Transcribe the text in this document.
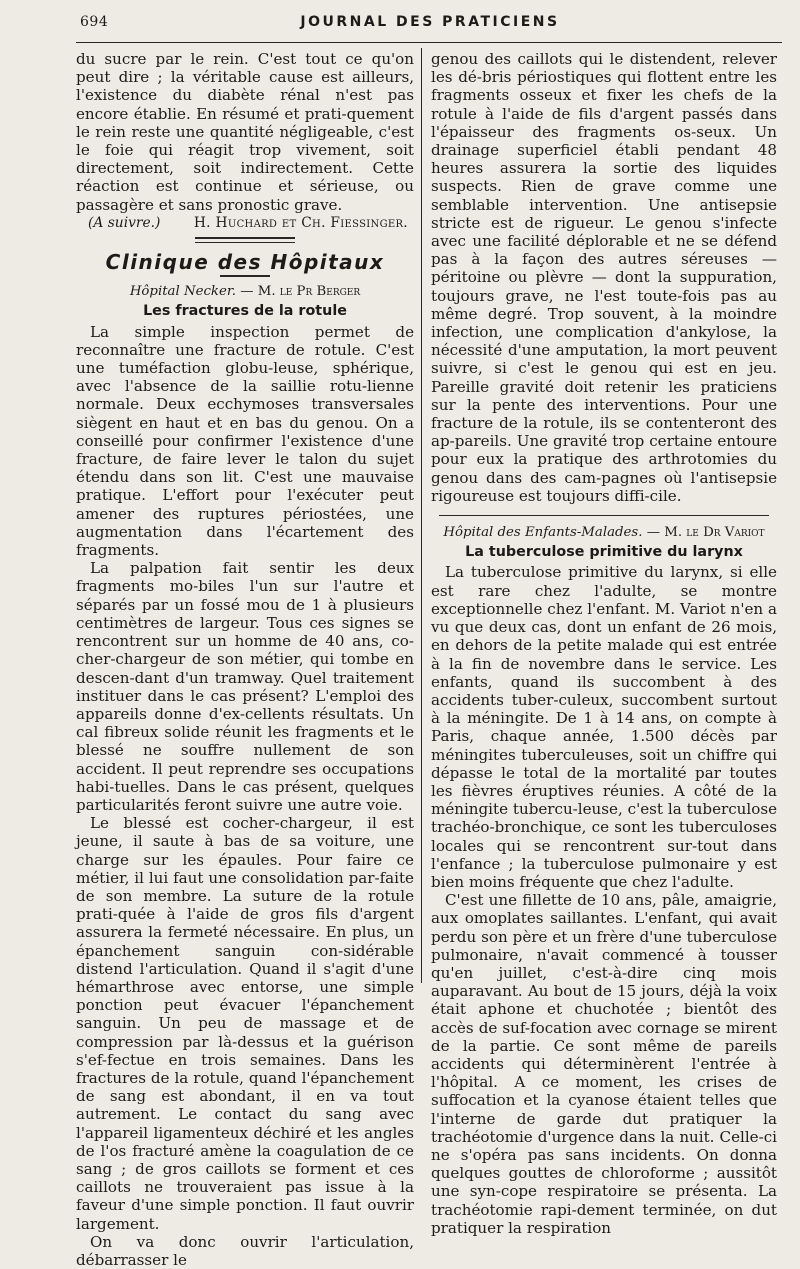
694	JOURNAL DES PRATICIENS

du sucre par le rein. C'est tout ce qu'on peut dire ; la véritable cause est ailleurs, l'existence du diabète rénal n'est pas encore établie. En résumé et prati-quement le rein reste une quantité négligeable, c'est le foie qui réagit trop vivement, soit directement, soit indirectement. Cette réaction est continue et sérieuse, ou passagère et sans pronostic grave.

(A suivre.) H. Huchard et Ch. Fiessinger.
Clinique des Hôpitaux

Hôpital Necker. — M. le Pr Berger

Les fractures de la rotule

La simple inspection permet de reconnaître une fracture de rotule. C'est une tuméfaction globu-leuse, sphérique, avec l'absence de la saillie rotu-lienne normale. Deux ecchymoses transversales siègent en haut et en bas du genou. On a conseillé pour confirmer l'existence d'une fracture, de faire lever le talon du sujet étendu dans son lit. C'est une mauvaise pratique. L'effort pour l'exécuter peut amener des ruptures périostées, une augmentation dans l'écartement des fragments.

La palpation fait sentir les deux fragments mo-biles l'un sur l'autre et séparés par un fossé mou de 1 à plusieurs centimètres de largeur. Tous ces signes se rencontrent sur un homme de 40 ans, co-cher-chargeur de son métier, qui tombe en descen-dant d'un tramway. Quel traitement instituer dans le cas présent? L'emploi des appareils donne d'ex-cellents résultats. Un cal fibreux solide réunit les fragments et le blessé ne souffre nullement de son accident. Il peut reprendre ses occupations habi-tuelles. Dans le cas présent, quelques particularités feront suivre une autre voie.

Le blessé est cocher-chargeur, il est jeune, il saute à bas de sa voiture, une charge sur les épaules. Pour faire ce métier, il lui faut une consolidation par-faite de son membre. La suture de la rotule prati-quée à l'aide de gros fils d'argent assurera la fermeté nécessaire. En plus, un épanchement sanguin con-sidérable distend l'articulation. Quand il s'agit d'une hémarthrose avec entorse, une simple ponction peut évacuer l'épanchement sanguin. Un peu de massage et de compression par là-dessus et la guérison s'ef-fectue en trois semaines. Dans les fractures de la rotule, quand l'épanchement de sang est abondant, il en va tout autrement. Le contact du sang avec l'appareil ligamenteux déchiré et les angles de l'os fracturé amène la coagulation de ce sang ; de gros caillots se forment et ces caillots ne trouveraient pas issue à la faveur d'une simple ponction. Il faut ouvrir largement.

On va donc ouvrir l'articulation, débarrasser le

genou des caillots qui le distendent, relever les dé-bris périostiques qui flottent entre les fragments osseux et fixer les chefs de la rotule à l'aide de fils d'argent passés dans l'épaisseur des fragments os-seux. Un drainage superficiel établi pendant 48 heures assurera la sortie des liquides suspects. Rien de grave comme une semblable intervention. Une antisepsie stricte est de rigueur. Le genou s'infecte avec une facilité déplorable et ne se défend pas à la façon des autres séreuses — péritoine ou plèvre — dont la suppuration, toujours grave, ne l'est toute-fois pas au même degré. Trop souvent, à la moindre infection, une complication d'ankylose, la nécessité d'une amputation, la mort peuvent suivre, si c'est le genou qui est en jeu. Pareille gravité doit retenir les praticiens sur la pente des interventions. Pour une fracture de la rotule, ils se contenteront des ap-pareils. Une gravité trop certaine entoure pour eux la pratique des arthrotomies du genou dans des cam-pagnes où l'antisepsie rigoureuse est toujours diffi-cile.

Hôpital des Enfants-Malades. — M. le Dr Variot

La tuberculose primitive du larynx

La tuberculose primitive du larynx, si elle est rare chez l'adulte, se montre exceptionnelle chez l'enfant. M. Variot n'en a vu que deux cas, dont un enfant de 26 mois, en dehors de la petite malade qui est entrée à la fin de novembre dans le service. Les enfants, quand ils succombent à des accidents tuber-culeux, succombent surtout à la méningite. De 1 à 14 ans, on compte à Paris, chaque année, 1.500 décès par méningites tuberculeuses, soit un chiffre qui dépasse le total de la mortalité par toutes les fièvres éruptives réunies. A côté de la méningite tubercu-leuse, c'est la tuberculose trachéo-bronchique, ce sont les tuberculoses locales qui se rencontrent sur-tout dans l'enfance ; la tuberculose pulmonaire y est bien moins fréquente que chez l'adulte.

C'est une fillette de 10 ans, pâle, amaigrie, aux omoplates saillantes. L'enfant, qui avait perdu son père et un frère d'une tuberculose pulmonaire, n'avait commencé à tousser qu'en juillet, c'est-à-dire cinq mois auparavant. Au bout de 15 jours, déjà la voix était aphone et chuchotée ; bientôt des accès de suf-focation avec cornage se mirent de la partie. Ce sont même de pareils accidents qui déterminèrent l'entrée à l'hôpital. A ce moment, les crises de suffocation et la cyanose étaient telles que l'interne de garde dut pratiquer la trachéotomie d'urgence dans la nuit. Celle-ci ne s'opéra pas sans incidents. On donna quelques gouttes de chloroforme ; aussitôt une syn-cope respiratoire se présenta. La trachéotomie rapi-dement terminée, on dut pratiquer la respiration
